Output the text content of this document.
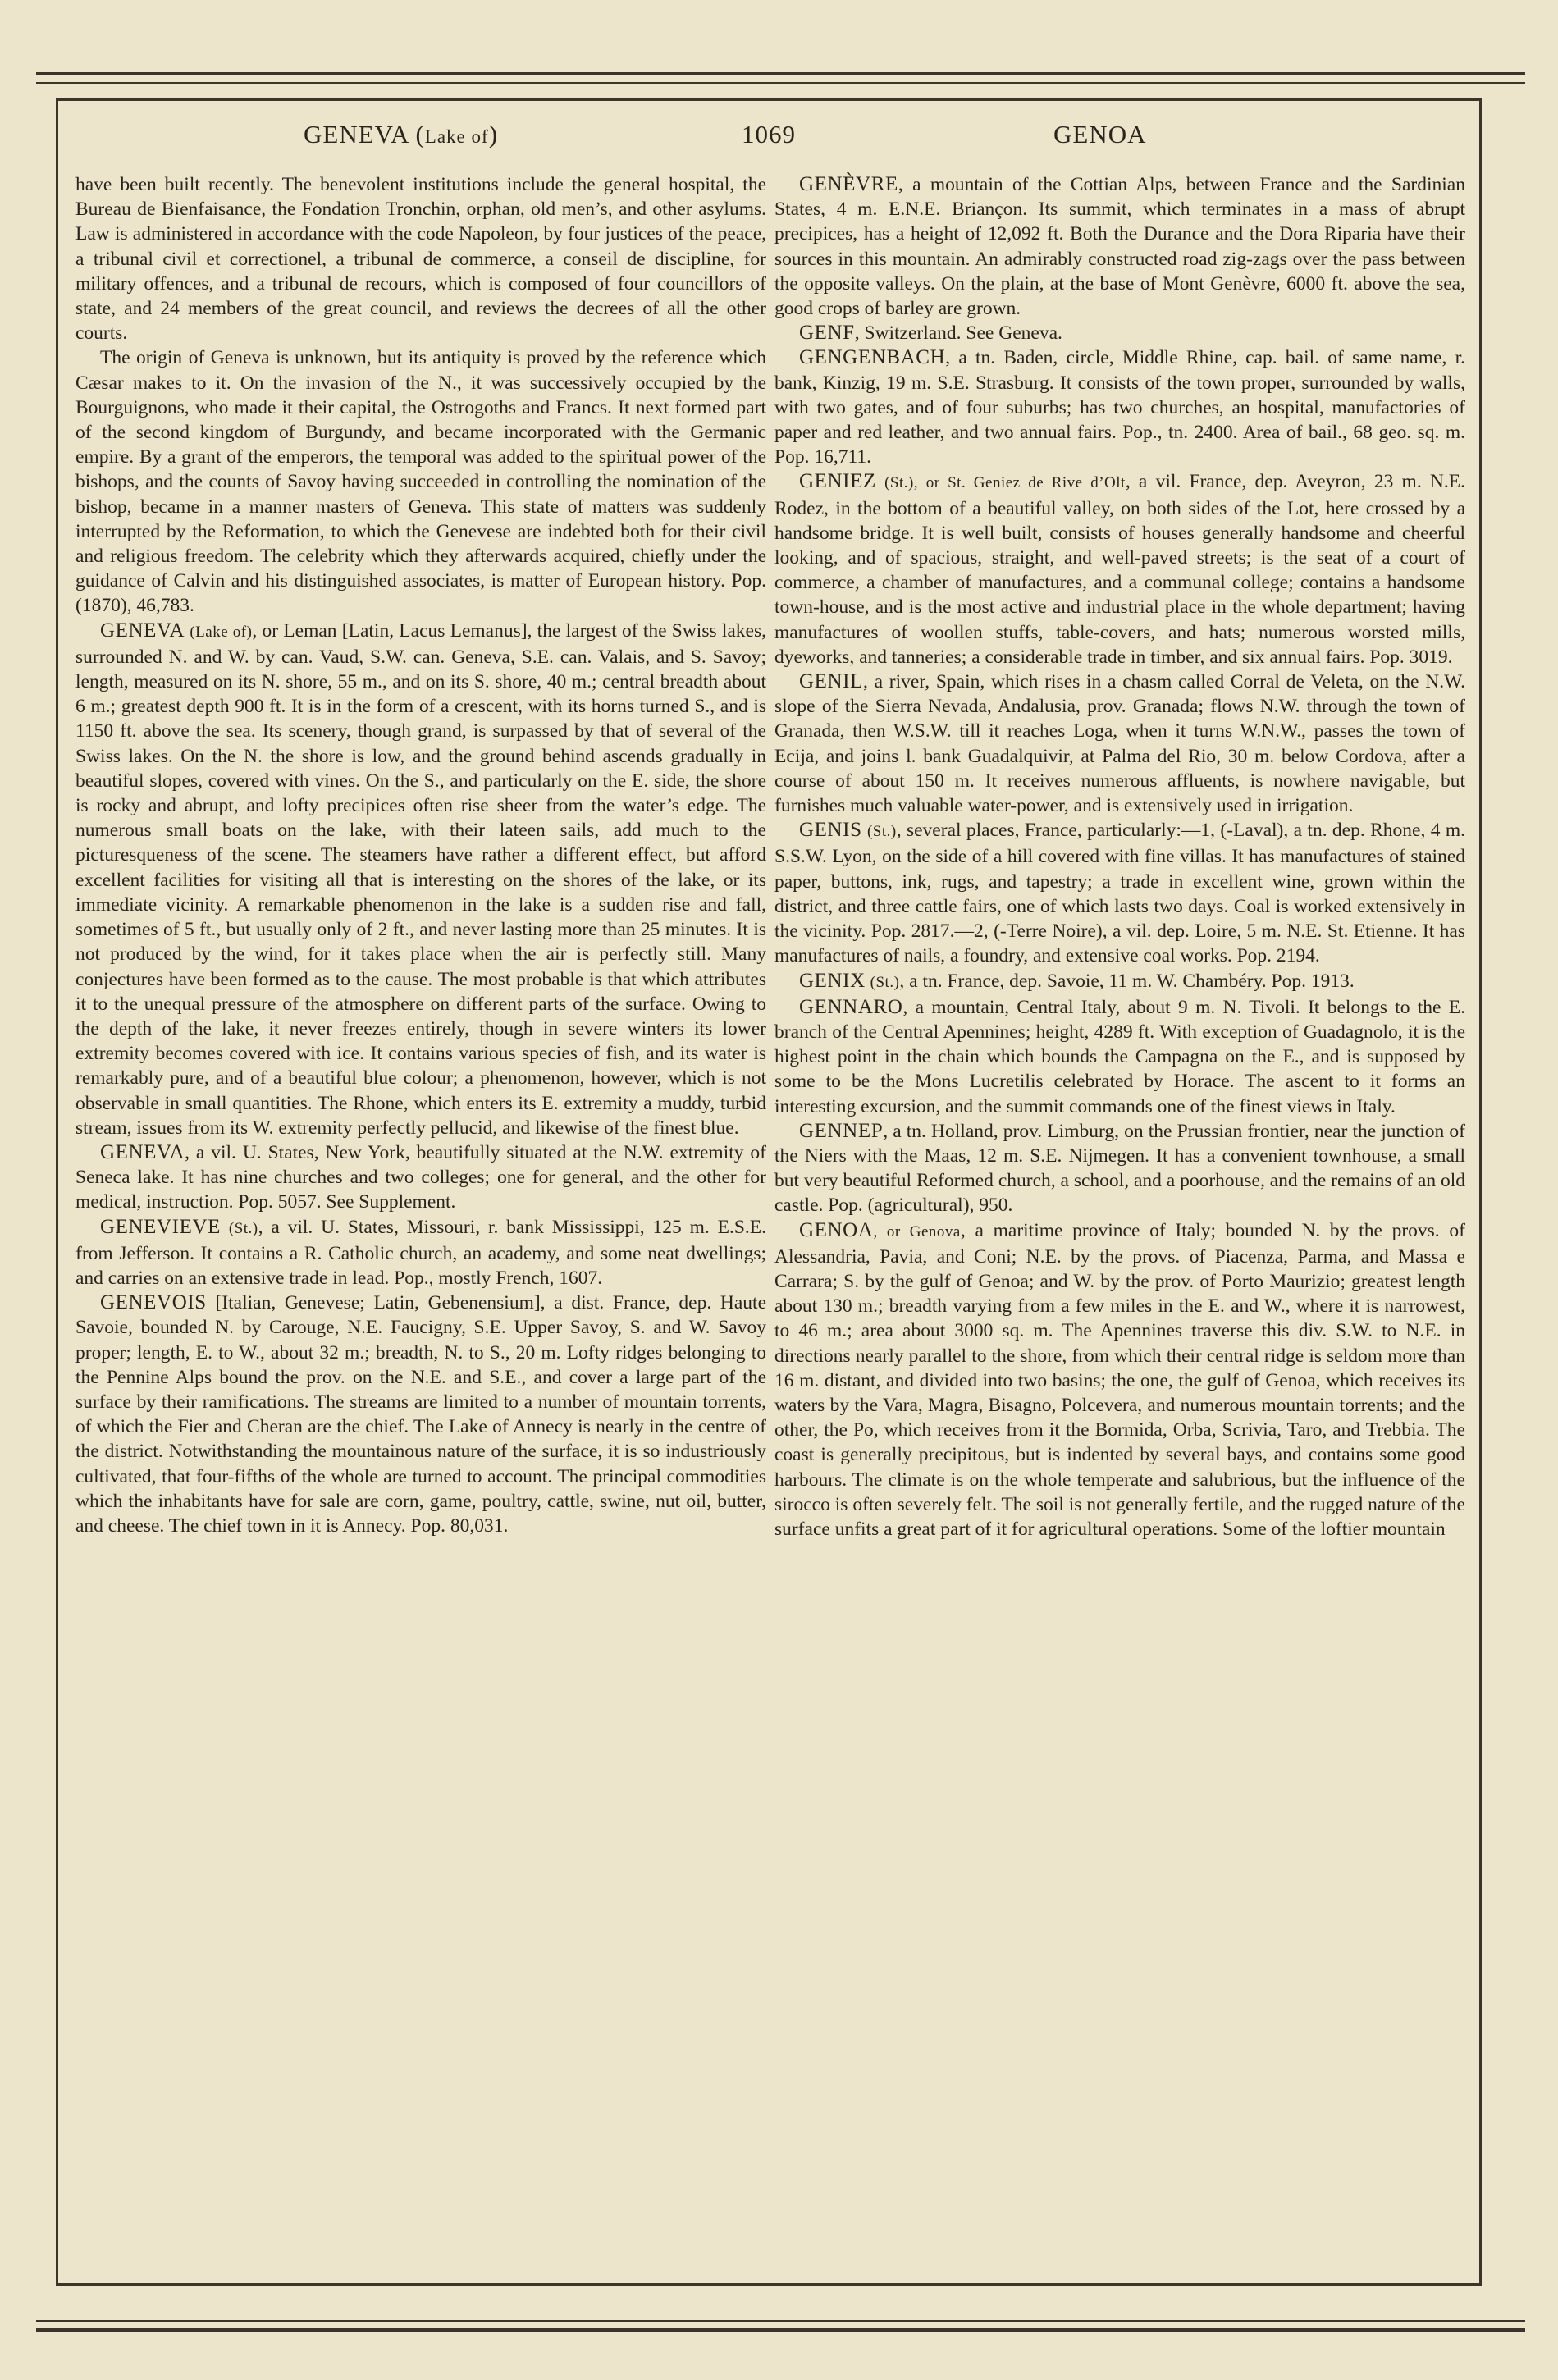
GENEVA (Lake of)	1069	GENOA

have been built recently. The benevolent institutions include the general hospital, the Bureau de Bienfaisance, the Fondation Tronchin, orphan, old men’s, and other asylums. Law is administered in accordance with the code Napoleon, by four justices of the peace, a tribunal civil et correctionel, a tribunal de commerce, a conseil de discipline, for military offences, and a tribunal de recours, which is composed of four councillors of state, and 24 members of the great council, and reviews the decrees of all the other courts.

The origin of Geneva is unknown, but its antiquity is proved by the reference which Cæsar makes to it. On the invasion of the N., it was successively occupied by the Bourguignons, who made it their capital, the Ostrogoths and Francs. It next formed part of the second kingdom of Burgundy, and became incorporated with the Germanic empire. By a grant of the emperors, the temporal was added to the spiritual power of the bishops, and the counts of Savoy having succeeded in controlling the nomination of the bishop, became in a manner masters of Geneva. This state of matters was suddenly interrupted by the Reformation, to which the Genevese are indebted both for their civil and religious freedom. The celebrity which they afterwards acquired, chiefly under the guidance of Calvin and his distinguished associates, is matter of European history. Pop. (1870), 46,783.

GENEVA (Lake of), or Leman [Latin, Lacus Lemanus], the largest of the Swiss lakes, surrounded N. and W. by can. Vaud, S.W. can. Geneva, S.E. can. Valais, and S. Savoy; length, measured on its N. shore, 55 m., and on its S. shore, 40 m.; central breadth about 6 m.; greatest depth 900 ft. It is in the form of a crescent, with its horns turned S., and is 1150 ft. above the sea. Its scenery, though grand, is surpassed by that of several of the Swiss lakes. On the N. the shore is low, and the ground behind ascends gradually in beautiful slopes, covered with vines. On the S., and particularly on the E. side, the shore is rocky and abrupt, and lofty precipices often rise sheer from the water’s edge. The numerous small boats on the lake, with their lateen sails, add much to the picturesqueness of the scene. The steamers have rather a different effect, but afford excellent facilities for visiting all that is interesting on the shores of the lake, or its immediate vicinity. A remarkable phenomenon in the lake is a sudden rise and fall, sometimes of 5 ft., but usually only of 2 ft., and never lasting more than 25 minutes. It is not produced by the wind, for it takes place when the air is perfectly still. Many conjectures have been formed as to the cause. The most probable is that which attributes it to the unequal pressure of the atmosphere on different parts of the surface. Owing to the depth of the lake, it never freezes entirely, though in severe winters its lower extremity becomes covered with ice. It contains various species of fish, and its water is remarkably pure, and of a beautiful blue colour; a phenomenon, however, which is not observable in small quantities. The Rhone, which enters its E. extremity a muddy, turbid stream, issues from its W. extremity perfectly pellucid, and likewise of the finest blue.

GENEVA, a vil. U. States, New York, beautifully situated at the N.W. extremity of Seneca lake. It has nine churches and two colleges; one for general, and the other for medical, instruction. Pop. 5057. See Supplement.

GENEVIEVE (St.), a vil. U. States, Missouri, r. bank Mississippi, 125 m. E.S.E. from Jefferson. It contains a R. Catholic church, an academy, and some neat dwellings; and carries on an extensive trade in lead. Pop., mostly French, 1607.

GENEVOIS [Italian, Genevese; Latin, Gebenensium], a dist. France, dep. Haute Savoie, bounded N. by Carouge, N.E. Faucigny, S.E. Upper Savoy, S. and W. Savoy proper; length, E. to W., about 32 m.; breadth, N. to S., 20 m. Lofty ridges belonging to the Pennine Alps bound the prov. on the N.E. and S.E., and cover a large part of the surface by their ramifications. The streams are limited to a number of mountain torrents, of which the Fier and Cheran are the chief. The Lake of Annecy is nearly in the centre of the district. Notwithstanding the mountainous nature of the surface, it is so industriously cultivated, that four-fifths of the whole are turned to account. The principal commodities which the inhabitants have for sale are corn, game, poultry, cattle, swine, nut oil, butter, and cheese. The chief town in it is Annecy. Pop. 80,031.

GENÈVRE, a mountain of the Cottian Alps, between France and the Sardinian States, 4 m. E.N.E. Briançon. Its summit, which terminates in a mass of abrupt precipices, has a height of 12,092 ft. Both the Durance and the Dora Riparia have their sources in this mountain. An admirably constructed road zig-zags over the pass between the opposite valleys. On the plain, at the base of Mont Genèvre, 6000 ft. above the sea, good crops of barley are grown.

GENF, Switzerland. See Geneva.

GENGENBACH, a tn. Baden, circle, Middle Rhine, cap. bail. of same name, r. bank, Kinzig, 19 m. S.E. Strasburg. It consists of the town proper, surrounded by walls, with two gates, and of four suburbs; has two churches, an hospital, manufactories of paper and red leather, and two annual fairs. Pop., tn. 2400. Area of bail., 68 geo. sq. m. Pop. 16,711.

GENIEZ (St.), or St. Geniez de Rive d’Olt, a vil. France, dep. Aveyron, 23 m. N.E. Rodez, in the bottom of a beautiful valley, on both sides of the Lot, here crossed by a handsome bridge. It is well built, consists of houses generally handsome and cheerful looking, and of spacious, straight, and well-paved streets; is the seat of a court of commerce, a chamber of manufactures, and a communal college; contains a handsome town-house, and is the most active and industrial place in the whole department; having manufactures of woollen stuffs, table-covers, and hats; numerous worsted mills, dyeworks, and tanneries; a considerable trade in timber, and six annual fairs. Pop. 3019.

GENIL, a river, Spain, which rises in a chasm called Corral de Veleta, on the N.W. slope of the Sierra Nevada, Andalusia, prov. Granada; flows N.W. through the town of Granada, then W.S.W. till it reaches Loga, when it turns W.N.W., passes the town of Ecija, and joins l. bank Guadalquivir, at Palma del Rio, 30 m. below Cordova, after a course of about 150 m. It receives numerous affluents, is nowhere navigable, but furnishes much valuable water-power, and is extensively used in irrigation.

GENIS (St.), several places, France, particularly:—1, (-Laval), a tn. dep. Rhone, 4 m. S.S.W. Lyon, on the side of a hill covered with fine villas. It has manufactures of stained paper, buttons, ink, rugs, and tapestry; a trade in excellent wine, grown within the district, and three cattle fairs, one of which lasts two days. Coal is worked extensively in the vicinity. Pop. 2817.—2, (-Terre Noire), a vil. dep. Loire, 5 m. N.E. St. Etienne. It has manufactures of nails, a foundry, and extensive coal works. Pop. 2194.

GENIX (St.), a tn. France, dep. Savoie, 11 m. W. Chambéry. Pop. 1913.

GENNARO, a mountain, Central Italy, about 9 m. N. Tivoli. It belongs to the E. branch of the Central Apennines; height, 4289 ft. With exception of Guadagnolo, it is the highest point in the chain which bounds the Campagna on the E., and is supposed by some to be the Mons Lucretilis celebrated by Horace. The ascent to it forms an interesting excursion, and the summit commands one of the finest views in Italy.

GENNEP, a tn. Holland, prov. Limburg, on the Prussian frontier, near the junction of the Niers with the Maas, 12 m. S.E. Nijmegen. It has a convenient townhouse, a small but very beautiful Reformed church, a school, and a poorhouse, and the remains of an old castle. Pop. (agricultural), 950.

GENOA, or Genova, a maritime province of Italy; bounded N. by the provs. of Alessandria, Pavia, and Coni; N.E. by the provs. of Piacenza, Parma, and Massa e Carrara; S. by the gulf of Genoa; and W. by the prov. of Porto Maurizio; greatest length about 130 m.; breadth varying from a few miles in the E. and W., where it is narrowest, to 46 m.; area about 3000 sq. m. The Apennines traverse this div. S.W. to N.E. in directions nearly parallel to the shore, from which their central ridge is seldom more than 16 m. distant, and divided into two basins; the one, the gulf of Genoa, which receives its waters by the Vara, Magra, Bisagno, Polcevera, and numerous mountain torrents; and the other, the Po, which receives from it the Bormida, Orba, Scrivia, Taro, and Trebbia. The coast is generally precipitous, but is indented by several bays, and contains some good harbours. The climate is on the whole temperate and salubrious, but the influence of the sirocco is often severely felt. The soil is not generally fertile, and the rugged nature of the surface unfits a great part of it for agricultural operations. Some of the loftier mountain
